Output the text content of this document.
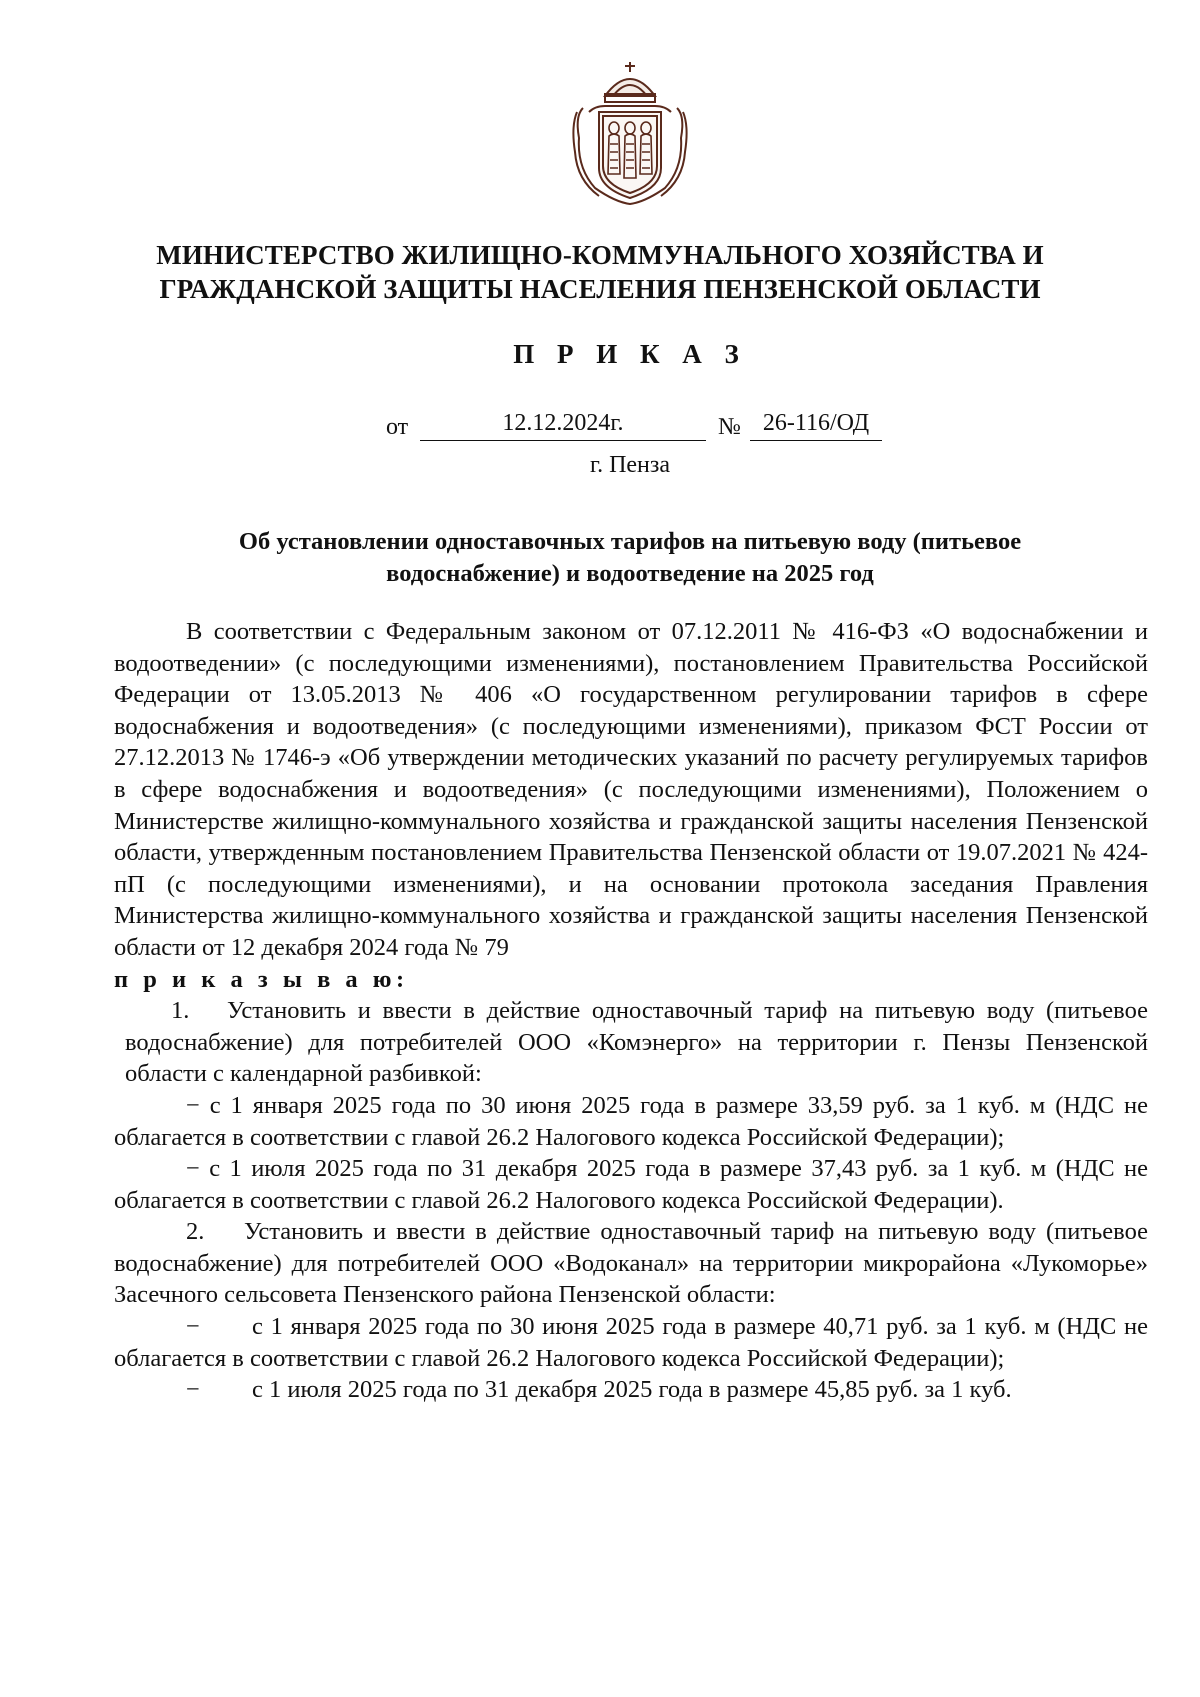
МИНИСТЕРСТВО ЖИЛИЩНО-КОММУНАЛЬНОГО ХОЗЯЙСТВА И
ГРАЖДАНСКОЙ ЗАЩИТЫ НАСЕЛЕНИЯ ПЕНЗЕНСКОЙ ОБЛАСТИ
П Р И К А З
от	12.12.2024г.	№ 26-116/ОД
г. Пенза
Об установлении одноставочных тарифов на питьевую воду (питьевое
водоснабжение) и водоотведение на 2025 год

В соответствии с Федеральным законом от 07.12.2011 № 416-ФЗ «О водоснабжении и водоотведении» (с последующими изменениями), постановлением Правительства Российской Федерации от 13.05.2013 № 406 «О государственном регулировании тарифов в сфере водоснабжения и водоотведения» (с последующими изменениями), приказом ФСТ России от 27.12.2013 № 1746-э «Об утверждении методических указаний по расчету регулируемых тарифов в сфере водоснабжения и водоотведения» (с последующими изменениями), Положением о Министерстве жилищно-коммунального хозяйства и гражданской защиты населения Пензенской области, утвержденным постановлением Правительства Пензенской области от 19.07.2021 № 424-пП (с последующими изменениями), и на основании протокола заседания Правления Министерства жилищно-коммунального хозяйства и гражданской защиты населения Пензенской области от 12 декабря 2024 года № 79

п р и к а з ы в а ю:

1. Установить и ввести в действие одноставочный тариф на питьевую воду (питьевое водоснабжение) для потребителей ООО «Комэнерго» на территории г. Пензы Пензенской области с календарной разбивкой:

− с 1 января 2025 года по 30 июня 2025 года в размере 33,59 руб. за 1 куб. м (НДС не облагается в соответствии с главой 26.2 Налогового кодекса Российской Федерации);

− с 1 июля 2025 года по 31 декабря 2025 года в размере 37,43 руб. за 1 куб. м (НДС не облагается в соответствии с главой 26.2 Налогового кодекса Российской Федерации).

2. Установить и ввести в действие одноставочный тариф на питьевую воду (питьевое водоснабжение) для потребителей ООО «Водоканал» на территории микрорайона «Лукоморье» Засечного сельсовета Пензенского района Пензенской области:

− с 1 января 2025 года по 30 июня 2025 года в размере 40,71 руб. за 1 куб. м (НДС не облагается в соответствии с главой 26.2 Налогового кодекса Российской Федерации);

− с 1 июля 2025 года по 31 декабря 2025 года в размере 45,85 руб. за 1 куб.
